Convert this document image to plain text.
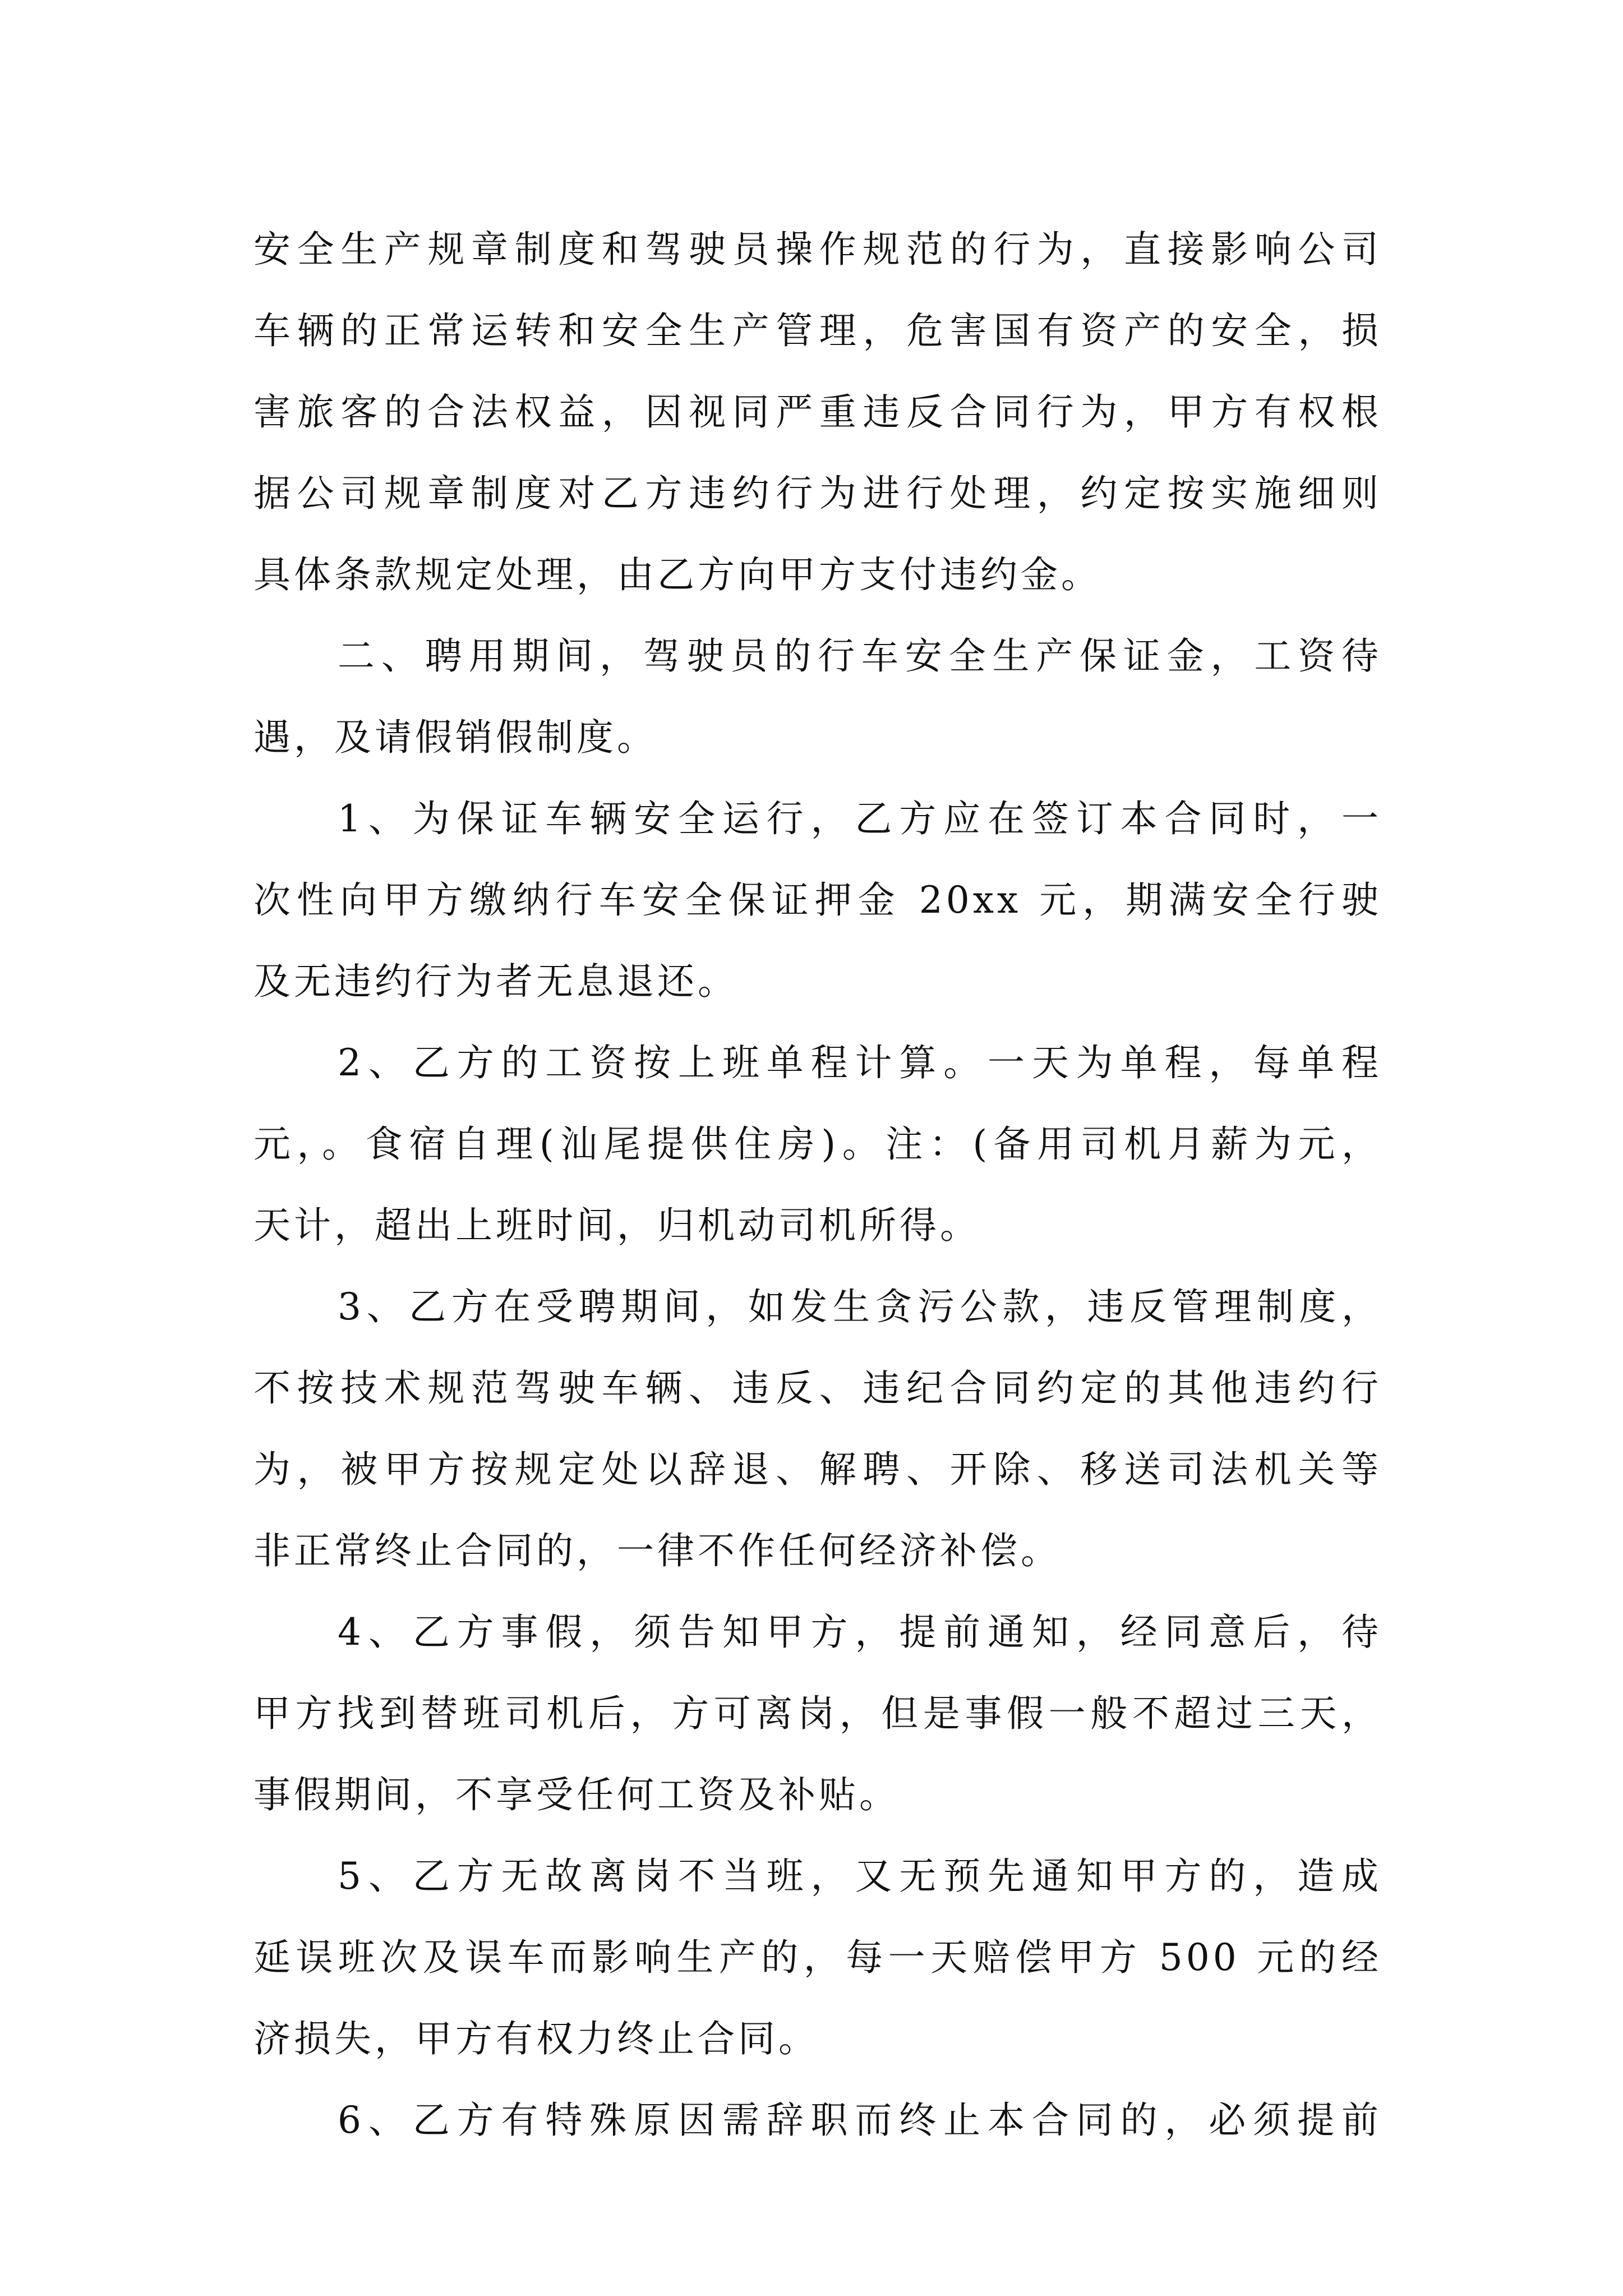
安全生产规章制度和驾驶员操作规范的行为，直接影响公司
车辆的正常运转和安全生产管理，危害国有资产的安全，损
害旅客的合法权益，因视同严重违反合同行为，甲方有权根
据公司规章制度对乙方违约行为进行处理，约定按实施细则
具体条款规定处理，由乙方向甲方支付违约金。
二、聘用期间，驾驶员的行车安全生产保证金，工资待
遇，及请假销假制度。
1、为保证车辆安全运行，乙方应在签订本合同时，一
次性向甲方缴纳行车安全保证押金 20xx 元，期满安全行驶
及无违约行为者无息退还。
2、乙方的工资按上班单程计算。一天为单程，每单程
元，。食宿自理(汕尾提供住房)。注：(备用司机月薪为元，
天计，超出上班时间，归机动司机所得。
3、乙方在受聘期间，如发生贪污公款，违反管理制度，
不按技术规范驾驶车辆、违反、违纪合同约定的其他违约行
为，被甲方按规定处以辞退、解聘、开除、移送司法机关等
非正常终止合同的，一律不作任何经济补偿。
4、乙方事假，须告知甲方，提前通知，经同意后，待
甲方找到替班司机后，方可离岗，但是事假一般不超过三天，
事假期间，不享受任何工资及补贴。
5、乙方无故离岗不当班，又无预先通知甲方的，造成
延误班次及误车而影响生产的，每一天赔偿甲方 500 元的经
济损失，甲方有权力终止合同。
6、乙方有特殊原因需辞职而终止本合同的，必须提前
